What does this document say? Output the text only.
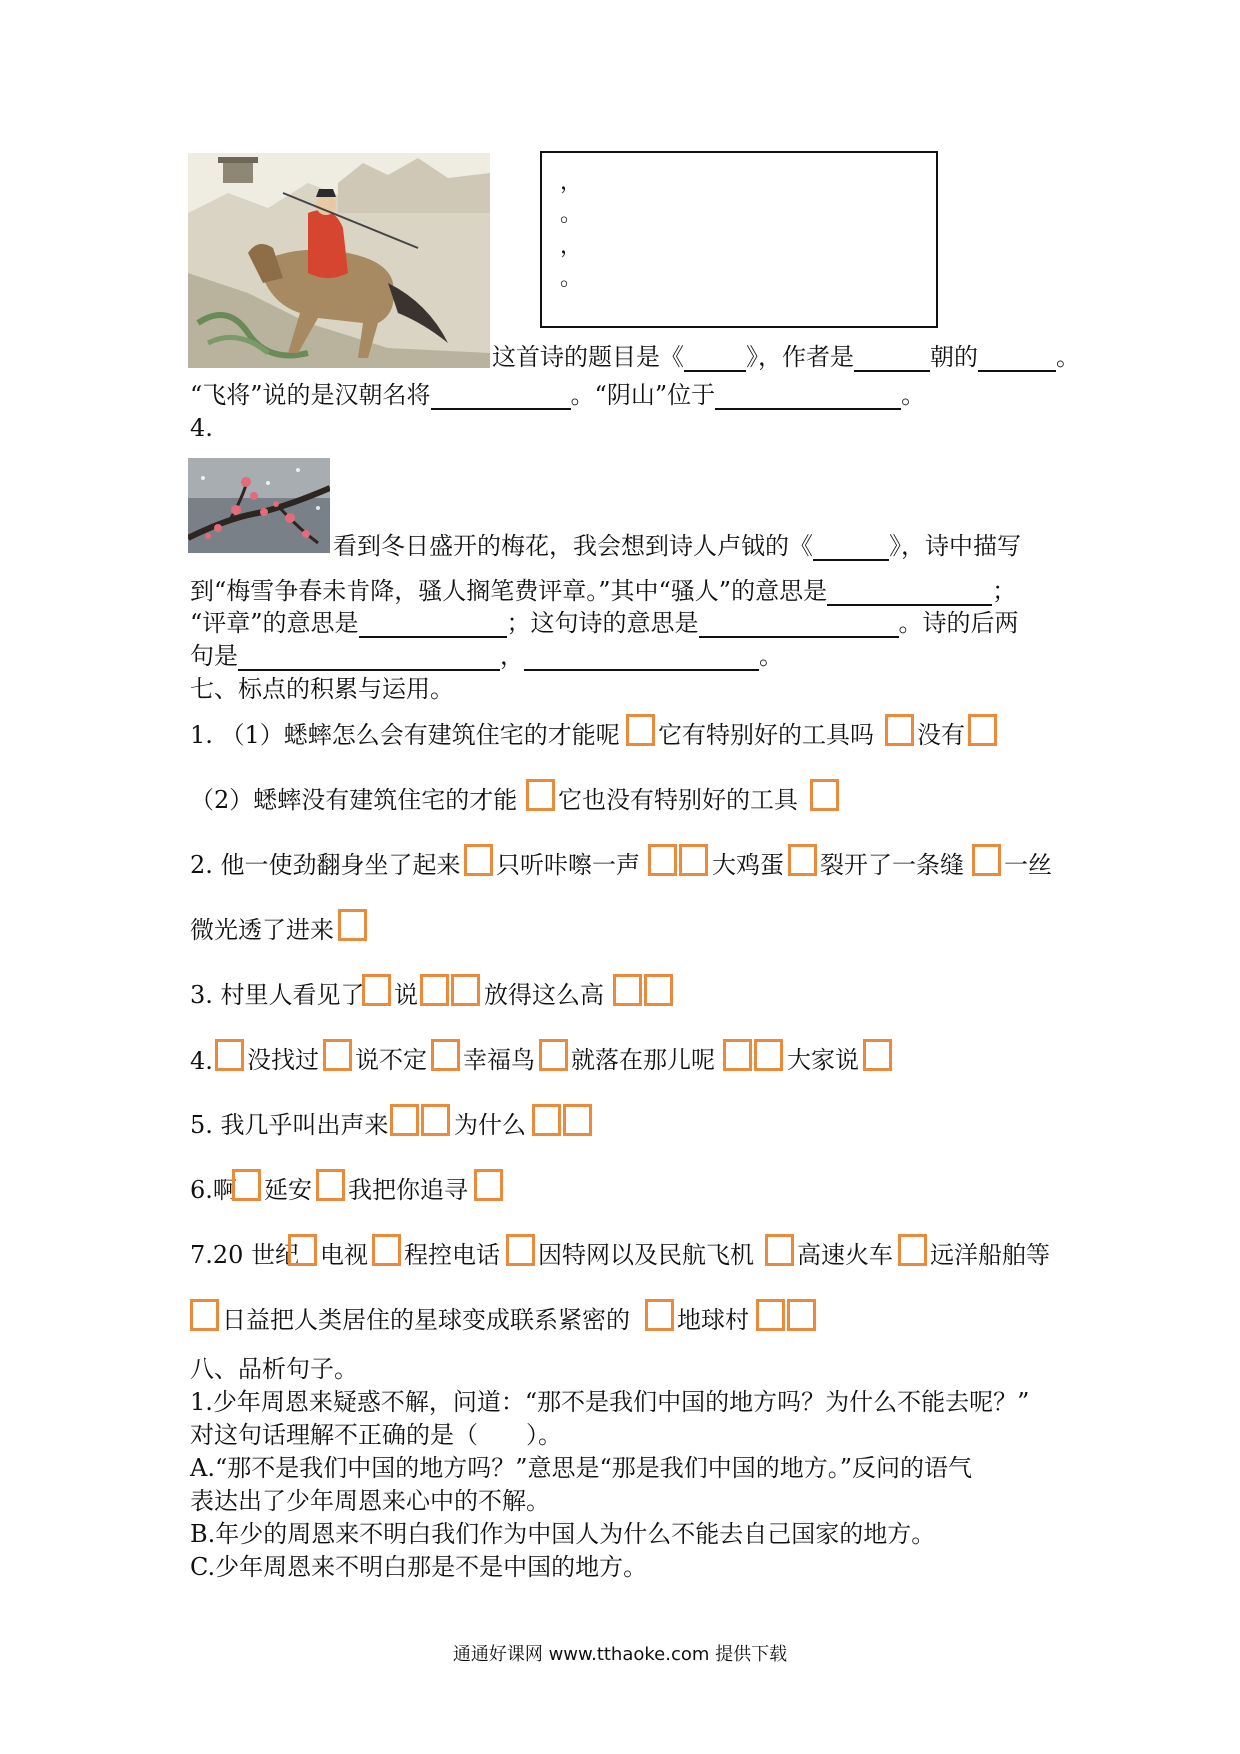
，
。
，
。
这首诗的题目是《	》，作者是	朝的	。
“飞将”说的是汉朝名将	。“阴山”位于	。
4.
看到冬日盛开的梅花，我会想到诗人卢钺的《	》，诗中描写
到“梅雪争春未肯降，骚人搁笔费评章。”其中“骚人”的意思是	；
“评章”的意思是	；这句诗的意思是	。诗的后两
句是	，	。
七、标点的积累与运用。
1. （1）蟋蟀怎么会有建筑住宅的才能呢 它有特别好的工具吗 没有
（2）蟋蟀没有建筑住宅的才能 它也没有特别好的工具
2. 他一使劲翻身坐了起来 只听咔嚓一声	大鸡蛋 裂开了一条缝 一丝
微光透了进来
3. 村里人看见了 说	放得这么高
4. 没找过 说不定 幸福鸟 就落在那儿呢	大家说
5. 我几乎叫出声来	为什么
6.啊 延安 我把你追寻
7.20 世纪 电视 程控电话 因特网以及民航飞机 高速火车 远洋船舶等
日益把人类居住的星球变成联系紧密的 地球村
八、品析句子。
1.少年周恩来疑惑不解，问道：“那不是我们中国的地方吗？为什么不能去呢？”
对这句话理解不正确的是（　　）。
A.“那不是我们中国的地方吗？”意思是“那是我们中国的地方。”反问的语气
表达出了少年周恩来心中的不解。
B.年少的周恩来不明白我们作为中国人为什么不能去自己国家的地方。
C.少年周恩来不明白那是不是中国的地方。
通通好课网 www.tthaoke.com 提供下载
